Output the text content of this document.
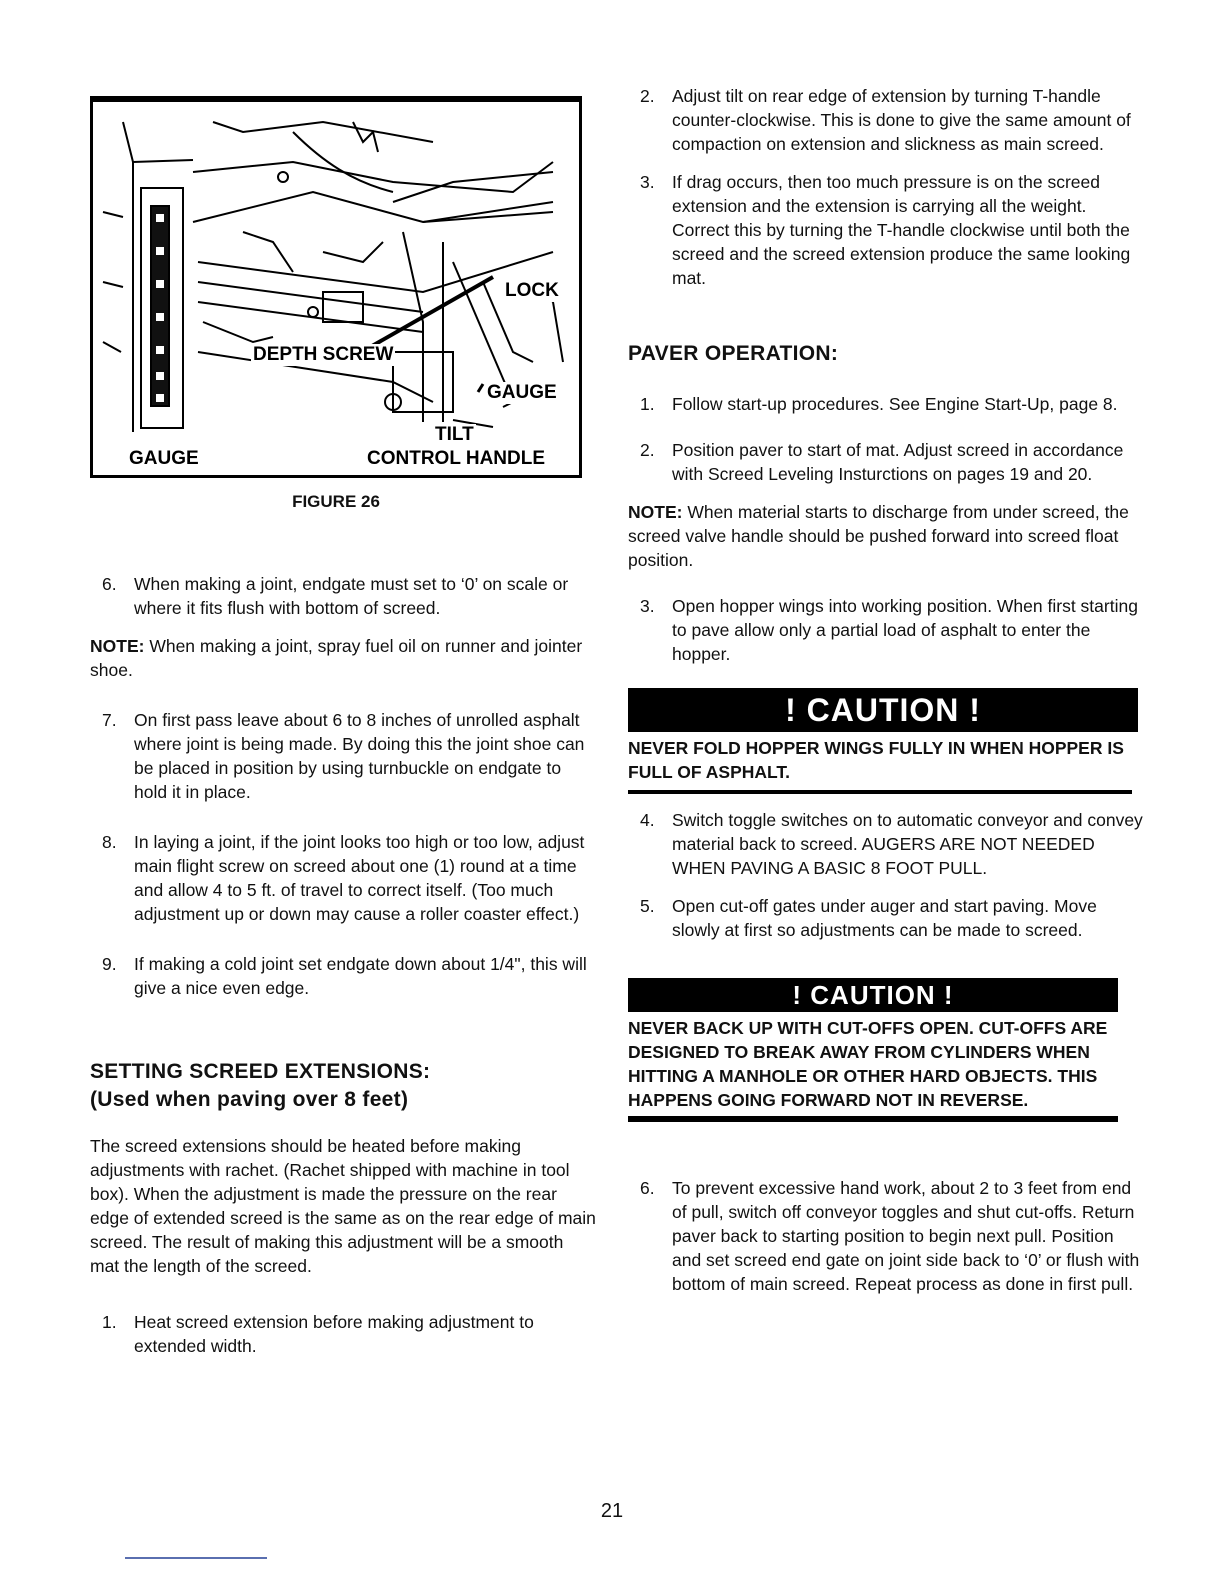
6
5
4
3
2
1
0
LOCK
DEPTH SCREW
GAUGE
TILT
GAUGE	CONTROL HANDLE

FIGURE 26

6. When making a joint, endgate must set to ‘0’ on scale or where it fits flush with bottom of screed.

NOTE: When making a joint, spray fuel oil on runner and jointer shoe.

7. On first pass leave about 6 to 8 inches of unrolled asphalt where joint is being made. By doing this the joint shoe can be placed in position by using turnbuckle on endgate to hold it in place.

8. In laying a joint, if the joint looks too high or too low, adjust main flight screw on screed about one (1) round at a time and allow 4 to 5 ft. of travel to correct itself. (Too much adjustment up or down may cause a roller coaster effect.)

9. If making a cold joint set endgate down about 1/4", this will give a nice even edge.

SETTING SCREED EXTENSIONS:

(Used when paving over 8 feet)

The screed extensions should be heated before making adjustments with rachet. (Rachet shipped with machine in tool box). When the adjustment is made the pressure on the rear edge of extended screed is the same as on the rear edge of main screed. The result of making this adjustment will be a smooth mat the length of the screed.

1. Heat screed extension before making adjustment to extended width.

2. Adjust tilt on rear edge of extension by turning T-handle counter-clockwise. This is done to give the same amount of compaction on extension and slickness as main screed.

3. If drag occurs, then too much pressure is on the screed extension and the extension is carrying all the weight. Correct this by turning the T-handle clockwise until both the screed and the screed extension produce the same looking mat.

PAVER OPERATION:

1. Follow start-up procedures. See Engine Start-Up, page 8.

2. Position paver to start of mat. Adjust screed in accordance with Screed Leveling Insturctions on pages 19 and 20.

NOTE: When material starts to discharge from under screed, the screed valve handle should be pushed forward into screed float position.

3. Open hopper wings into working position. When first starting to pave allow only a partial load of asphalt to enter the hopper.

! CAUTION !

NEVER FOLD HOPPER WINGS FULLY IN WHEN HOPPER IS FULL OF ASPHALT.

4. Switch toggle switches on to automatic conveyor and convey material back to screed. AUGERS ARE NOT NEEDED WHEN PAVING A BASIC 8 FOOT PULL.

5. Open cut-off gates under auger and start paving. Move slowly at first so adjustments can be made to screed.

! CAUTION !

NEVER BACK UP WITH CUT-OFFS OPEN. CUT-OFFS ARE DESIGNED TO BREAK AWAY FROM CYLINDERS WHEN HITTING A MANHOLE OR OTHER HARD OBJECTS. THIS HAPPENS GOING FORWARD NOT IN REVERSE.

6. To prevent excessive hand work, about 2 to 3 feet from end of pull, switch off conveyor toggles and shut cut-offs. Return paver back to starting position to begin next pull. Position and set screed end gate on joint side back to ‘0’ or flush with bottom of main screed. Repeat process as done in first pull.

21
